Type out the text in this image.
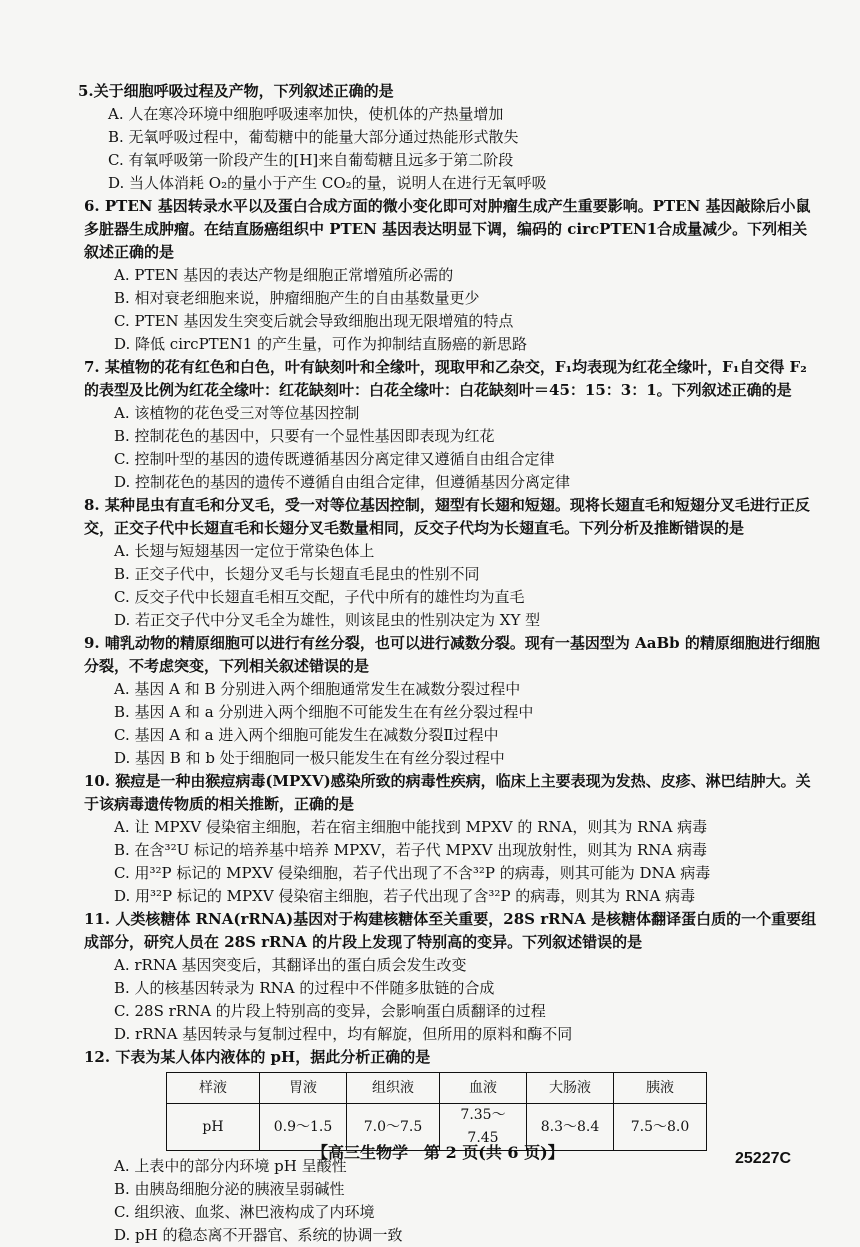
5.关于细胞呼吸过程及产物，下列叙述正确的是
A. 人在寒冷环境中细胞呼吸速率加快，使机体的产热量增加
B. 无氧呼吸过程中，葡萄糖中的能量大部分通过热能形式散失
C. 有氧呼吸第一阶段产生的[H]来自葡萄糖且远多于第二阶段
D. 当人体消耗 O₂的量小于产生 CO₂的量，说明人在进行无氧呼吸
6. PTEN 基因转录水平以及蛋白合成方面的微小变化即可对肿瘤生成产生重要影响。PTEN 基因敲除后小鼠多脏器生成肿瘤。在结直肠癌组织中 PTEN 基因表达明显下调，编码的 circPTEN1合成量减少。下列相关叙述正确的是
A. PTEN 基因的表达产物是细胞正常增殖所必需的
B. 相对衰老细胞来说，肿瘤细胞产生的自由基数量更少
C. PTEN 基因发生突变后就会导致细胞出现无限增殖的特点
D. 降低 circPTEN1 的产生量，可作为抑制结直肠癌的新思路
7. 某植物的花有红色和白色，叶有缺刻叶和全缘叶，现取甲和乙杂交，F₁均表现为红花全缘叶，F₁自交得 F₂的表型及比例为红花全缘叶：红花缺刻叶：白花全缘叶：白花缺刻叶＝45：15：3：1。下列叙述正确的是
A. 该植物的花色受三对等位基因控制
B. 控制花色的基因中，只要有一个显性基因即表现为红花
C. 控制叶型的基因的遗传既遵循基因分离定律又遵循自由组合定律
D. 控制花色的基因的遗传不遵循自由组合定律，但遵循基因分离定律
8. 某种昆虫有直毛和分叉毛，受一对等位基因控制，翅型有长翅和短翅。现将长翅直毛和短翅分叉毛进行正反交，正交子代中长翅直毛和长翅分叉毛数量相同，反交子代均为长翅直毛。下列分析及推断错误的是
A. 长翅与短翅基因一定位于常染色体上
B. 正交子代中，长翅分叉毛与长翅直毛昆虫的性别不同
C. 反交子代中长翅直毛相互交配，子代中所有的雄性均为直毛
D. 若正交子代中分叉毛全为雄性，则该昆虫的性别决定为 XY 型
9. 哺乳动物的精原细胞可以进行有丝分裂，也可以进行减数分裂。现有一基因型为 AaBb 的精原细胞进行细胞分裂，不考虑突变，下列相关叙述错误的是
A. 基因 A 和 B 分别进入两个细胞通常发生在减数分裂过程中
B. 基因 A 和 a 分别进入两个细胞不可能发生在有丝分裂过程中
C. 基因 A 和 a 进入两个细胞可能发生在减数分裂Ⅱ过程中
D. 基因 B 和 b 处于细胞同一极只能发生在有丝分裂过程中
10. 猴痘是一种由猴痘病毒(MPXV)感染所致的病毒性疾病，临床上主要表现为发热、皮疹、淋巴结肿大。关于该病毒遗传物质的相关推断，正确的是
A. 让 MPXV 侵染宿主细胞，若在宿主细胞中能找到 MPXV 的 RNA，则其为 RNA 病毒
B. 在含³²U 标记的培养基中培养 MPXV，若子代 MPXV 出现放射性，则其为 RNA 病毒
C. 用³²P 标记的 MPXV 侵染细胞，若子代出现了不含³²P 的病毒，则其可能为 DNA 病毒
D. 用³²P 标记的 MPXV 侵染宿主细胞，若子代出现了含³²P 的病毒，则其为 RNA 病毒
11. 人类核糖体 RNA(rRNA)基因对于构建核糖体至关重要，28S rRNA 是核糖体翻译蛋白质的一个重要组成部分，研究人员在 28S rRNA 的片段上发现了特别高的变异。下列叙述错误的是
A. rRNA 基因突变后，其翻译出的蛋白质会发生改变
B. 人的核基因转录为 RNA 的过程中不伴随多肽链的合成
C. 28S rRNA 的片段上特别高的变异，会影响蛋白质翻译的过程
D. rRNA 基因转录与复制过程中，均有解旋，但所用的原料和酶不同
12. 下表为某人体内液体的 pH，据此分析正确的是
样液	胃液	组织液	血液	大肠液	胰液
pH	0.9～1.5	7.0～7.5	7.35～7.45	8.3～8.4	7.5～8.0
A. 上表中的部分内环境 pH 呈酸性
B. 由胰岛细胞分泌的胰液呈弱碱性
C. 组织液、血浆、淋巴液构成了内环境
D. pH 的稳态离不开器官、系统的协调一致
【高三生物学　第 2 页(共 6 页)】	25227C
